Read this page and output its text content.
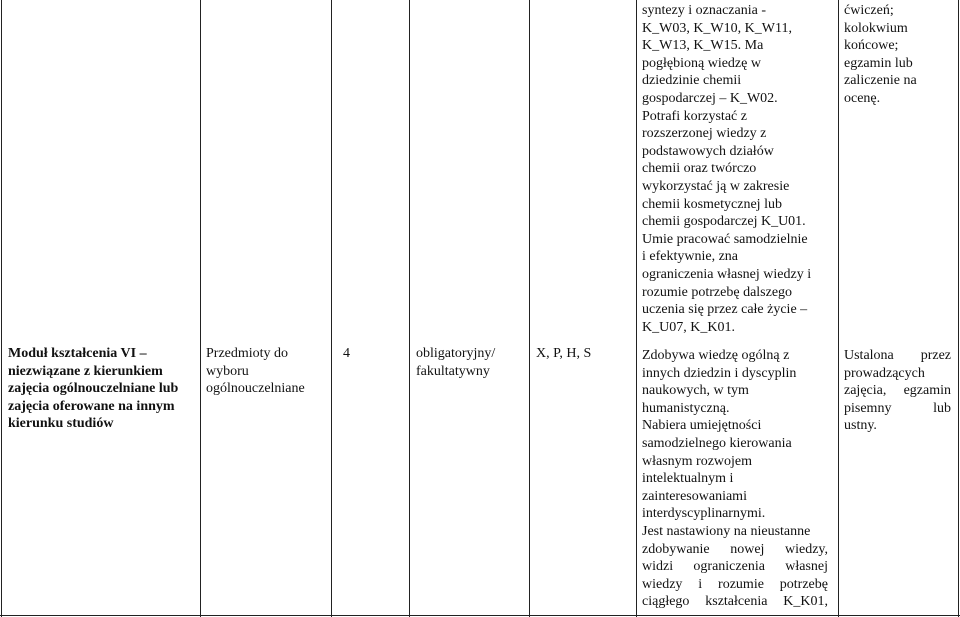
Moduł kształcenia VI – niezwiązane z kierunkiem zajęcia ogólnouczelniane lub zajęcia oferowane na innym kierunku studiów

Przedmioty do

wyboru

ogólnouczelniane

4	obligatoryjny/

fakultatywny

X, P, H, S

syntezy i oznaczania -

K_W03, K_W10, K_W11,

K_W13, K_W15. Ma

pogłębioną wiedzę w

dziedzinie chemii

gospodarczej – K_W02.

Potrafi korzystać z

rozszerzonej wiedzy z

podstawowych działów

chemii oraz twórczo

wykorzystać ją w zakresie

chemii kosmetycznej lub

chemii gospodarczej K_U01.

Umie pracować samodzielnie

i efektywnie, zna

ograniczenia własnej wiedzy i

rozumie potrzebę dalszego

uczenia się przez całe życie –

K_U07, K_K01.

Zdobywa wiedzę ogólną z

innych dziedzin i dyscyplin

naukowych, w tym

humanistyczną.

Nabiera umiejętności

samodzielnego kierowania

własnym rozwojem

intelektualnym i

zainteresowaniami

interdyscyplinarnymi.

Jest nastawiony na nieustanne

zdobywanie nowej wiedzy,

widzi ograniczenia własnej

wiedzy i rozumie potrzebę

ciągłego kształcenia K_K01,

ćwiczeń;

kolokwium

końcowe;

egzamin lub

zaliczenie na

ocenę.

Ustalona przez

prowadzących

zajęcia, egzamin

pisemny lub

ustny.
